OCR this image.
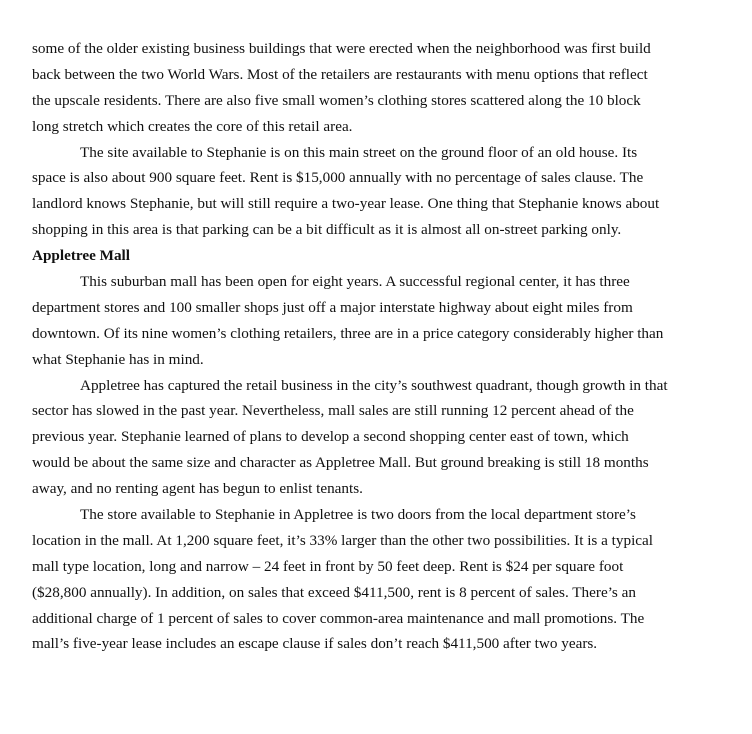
some of the older existing business buildings that were erected when the neighborhood was first build
back between the two World Wars. Most of the retailers are restaurants with menu options that reflect
the upscale residents. There are also five small women’s clothing stores scattered along the 10 block
long stretch which creates the core of this retail area.
The site available to Stephanie is on this main street on the ground floor of an old house. Its
space is also about 900 square feet. Rent is $15,000 annually with no percentage of sales clause. The
landlord knows Stephanie, but will still require a two-year lease. One thing that Stephanie knows about
shopping in this area is that parking can be a bit difficult as it is almost all on-street parking only.
Appletree Mall
This suburban mall has been open for eight years. A successful regional center, it has three
department stores and 100 smaller shops just off a major interstate highway about eight miles from
downtown. Of its nine women’s clothing retailers, three are in a price category considerably higher than
what Stephanie has in mind.
Appletree has captured the retail business in the city’s southwest quadrant, though growth in that
sector has slowed in the past year. Nevertheless, mall sales are still running 12 percent ahead of the
previous year. Stephanie learned of plans to develop a second shopping center east of town, which
would be about the same size and character as Appletree Mall. But ground breaking is still 18 months
away, and no renting agent has begun to enlist tenants.
The store available to Stephanie in Appletree is two doors from the local department store’s
location in the mall. At 1,200 square feet, it’s 33% larger than the other two possibilities. It is a typical
mall type location, long and narrow – 24 feet in front by 50 feet deep. Rent is $24 per square foot
($28,800 annually). In addition, on sales that exceed $411,500, rent is 8 percent of sales. There’s an
additional charge of 1 percent of sales to cover common-area maintenance and mall promotions. The
mall’s five-year lease includes an escape clause if sales don’t reach $411,500 after two years.
